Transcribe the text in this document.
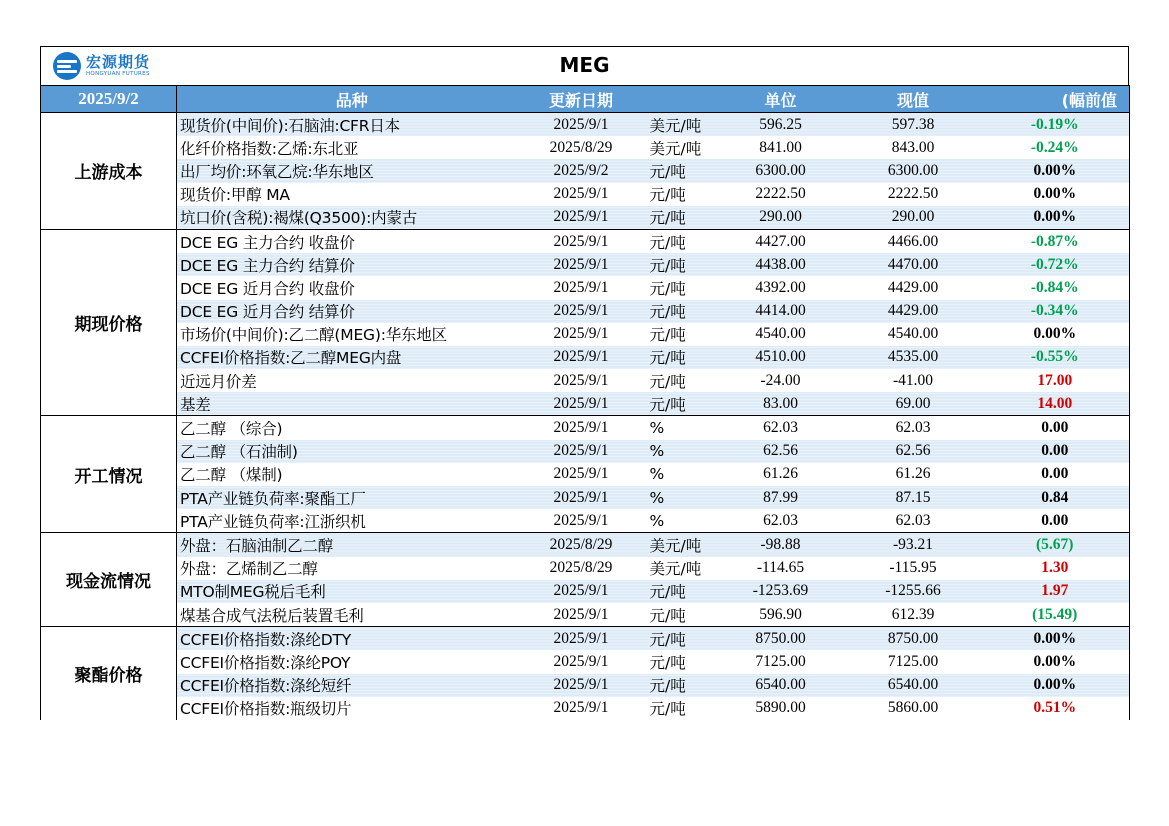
宏源期货
HONGYUAN FUTURES	MEG
2025/9/2	品种	更新日期		单位	现值	(幅前值
上游成本	现货价(中间价):石脑油:CFR日本	2025/9/1	美元/吨	596.25	597.38	-0.19%
	化纤价格指数:乙烯:东北亚	2025/8/29	美元/吨	841.00	843.00	-0.24%
	出厂均价:环氧乙烷:华东地区	2025/9/2	元/吨	6300.00	6300.00	0.00%
	现货价:甲醇 MA	2025/9/1	元/吨	2222.50	2222.50	0.00%
	坑口价(含税):褐煤(Q3500):内蒙古	2025/9/1	元/吨	290.00	290.00	0.00%
期现价格	DCE EG 主力合约 收盘价	2025/9/1	元/吨	4427.00	4466.00	-0.87%
	DCE EG 主力合约 结算价	2025/9/1	元/吨	4438.00	4470.00	-0.72%
	DCE EG 近月合约 收盘价	2025/9/1	元/吨	4392.00	4429.00	-0.84%
	DCE EG 近月合约 结算价	2025/9/1	元/吨	4414.00	4429.00	-0.34%
	市场价(中间价):乙二醇(MEG):华东地区	2025/9/1	元/吨	4540.00	4540.00	0.00%
	CCFEI价格指数:乙二醇MEG内盘	2025/9/1	元/吨	4510.00	4535.00	-0.55%
	近远月价差	2025/9/1	元/吨	-24.00	-41.00	17.00
	基差	2025/9/1	元/吨	83.00	69.00	14.00
开工情况	乙二醇 （综合)	2025/9/1	%	62.03	62.03	0.00
	乙二醇 （石油制)	2025/9/1	%	62.56	62.56	0.00
	乙二醇 （煤制)	2025/9/1	%	61.26	61.26	0.00
	PTA产业链负荷率:聚酯工厂	2025/9/1	%	87.99	87.15	0.84
	PTA产业链负荷率:江浙织机	2025/9/1	%	62.03	62.03	0.00
现金流情况	外盘：石脑油制乙二醇	2025/8/29	美元/吨	-98.88	-93.21	(5.67)
	外盘：乙烯制乙二醇	2025/8/29	美元/吨	-114.65	-115.95	1.30
	MTO制MEG税后毛利	2025/9/1	元/吨	-1253.69	-1255.66	1.97
	煤基合成气法税后装置毛利	2025/9/1	元/吨	596.90	612.39	(15.49)
聚酯价格	CCFEI价格指数:涤纶DTY	2025/9/1	元/吨	8750.00	8750.00	0.00%
	CCFEI价格指数:涤纶POY	2025/9/1	元/吨	7125.00	7125.00	0.00%
	CCFEI价格指数:涤纶短纤	2025/9/1	元/吨	6540.00	6540.00	0.00%
	CCFEI价格指数:瓶级切片	2025/9/1	元/吨	5890.00	5860.00	0.51%
